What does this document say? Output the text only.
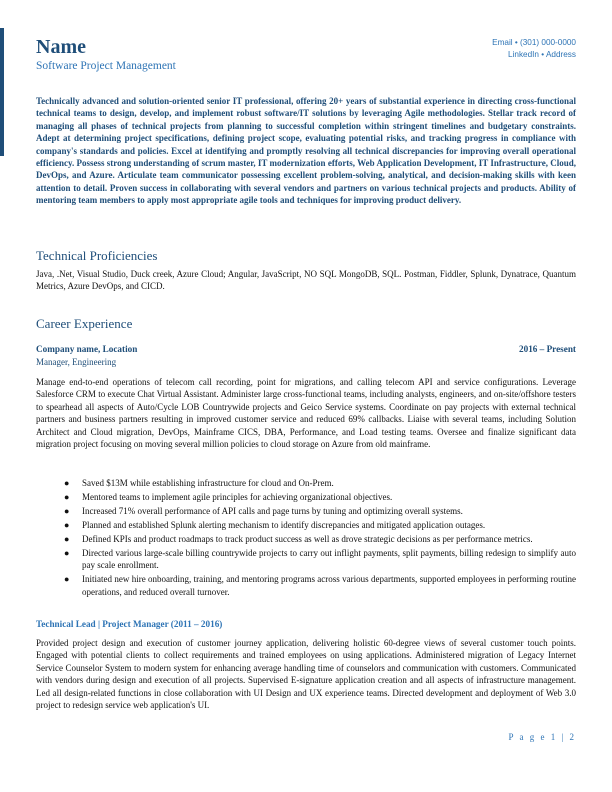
Name
Software Project Management
Email • (301) 000-0000
LinkedIn • Address
Technically advanced and solution-oriented senior IT professional, offering 20+ years of substantial experience in directing cross-functional technical teams to design, develop, and implement robust software/IT solutions by leveraging Agile methodologies. Stellar track record of managing all phases of technical projects from planning to successful completion within stringent timelines and budgetary constraints. Adept at determining project specifications, defining project scope, evaluating potential risks, and tracking progress in compliance with company's standards and policies. Excel at identifying and promptly resolving all technical discrepancies for improving overall operational efficiency. Possess strong understanding of scrum master, IT modernization efforts, Web Application Development, IT Infrastructure, Cloud, DevOps, and Azure. Articulate team communicator possessing excellent problem-solving, analytical, and decision-making skills with keen attention to detail. Proven success in collaborating with several vendors and partners on various technical projects and products. Ability of mentoring team members to apply most appropriate agile tools and techniques for improving product delivery.
Technical Proficiencies
Java, .Net, Visual Studio, Duck creek, Azure Cloud; Angular, JavaScript, NO SQL MongoDB, SQL. Postman, Fiddler, Splunk, Dynatrace, Quantum Metrics, Azure DevOps, and CICD.
Career Experience
Company name, Location	2016 – Present
Manager, Engineering
Manage end-to-end operations of telecom call recording, point for migrations, and calling telecom API and service configurations. Leverage Salesforce CRM to execute Chat Virtual Assistant. Administer large cross-functional teams, including analysts, engineers, and on-site/offshore testers to spearhead all aspects of Auto/Cycle LOB Countrywide projects and Geico Service systems. Coordinate on pay projects with external technical partners and business partners resulting in improved customer service and reduced 69% callbacks. Liaise with several teams, including Solution Architect and Cloud migration, DevOps, Mainframe CICS, DBA, Performance, and Load testing teams. Oversee and finalize significant data migration project focusing on moving several million policies to cloud storage on Azure from old mainframe.
● Saved $13M while establishing infrastructure for cloud and On-Prem.
● Mentored teams to implement agile principles for achieving organizational objectives.
● Increased 71% overall performance of API calls and page turns by tuning and optimizing overall systems.
● Planned and established Splunk alerting mechanism to identify discrepancies and mitigated application outages.
● Defined KPIs and product roadmaps to track product success as well as drove strategic decisions as per performance metrics.
● Directed various large-scale billing countrywide projects to carry out inflight payments, split payments, billing redesign to simplify auto pay scale enrollment.
● Initiated new hire onboarding, training, and mentoring programs across various departments, supported employees in performing routine operations, and reduced overall turnover.
Technical Lead | Project Manager (2011 – 2016)
Provided project design and execution of customer journey application, delivering holistic 60-degree views of several customer touch points. Engaged with potential clients to collect requirements and trained employees on using applications. Administered migration of Legacy Internet Service Counselor System to modern system for enhancing average handling time of counselors and communication with customers. Communicated with vendors during design and execution of all projects. Supervised E-signature application creation and all aspects of infrastructure management. Led all design-related functions in close collaboration with UI Design and UX experience teams. Directed development and deployment of Web 3.0 project to redesign service web application's UI.
P a g e 1 | 2
